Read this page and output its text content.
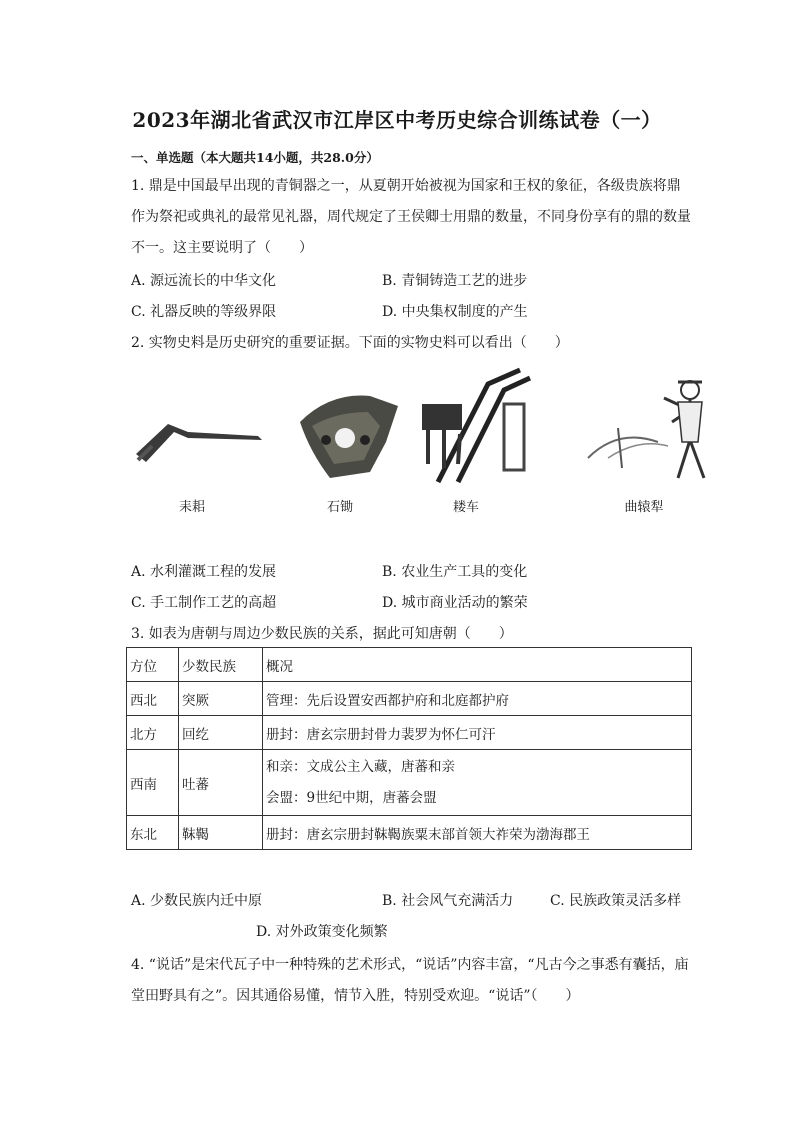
2023年湖北省武汉市江岸区中考历史综合训练试卷（一）
一、单选题（本大题共14小题，共28.0分）
1. 鼎是中国最早出现的青铜器之一，从夏朝开始被视为国家和王权的象征，各级贵族将鼎作为祭祀或典礼的最常见礼器，周代规定了王侯卿士用鼎的数量，不同身份享有的鼎的数量不一。这主要说明了（　　）
A. 源远流长的中华文化	B. 青铜铸造工艺的进步
C. 礼器反映的等级界限	D. 中央集权制度的产生
2. 实物史料是历史研究的重要证据。下面的实物史料可以看出（　　）
耒耜	石锄	耧车	曲辕犁
A. 水利灌溉工程的发展	B. 农业生产工具的变化
C. 手工制作工艺的高超	D. 城市商业活动的繁荣
3. 如表为唐朝与周边少数民族的关系，据此可知唐朝（　　）
方位	少数民族	概况
西北	突厥	管理：先后设置安西都护府和北庭都护府
北方	回纥	册封：唐玄宗册封骨力裴罗为怀仁可汗
西南	吐蕃	和亲：文成公主入藏，唐蕃和亲
会盟：9世纪中期，唐蕃会盟

东北	靺鞨	册封：唐玄宗册封靺鞨族粟末部首领大祚荣为渤海郡王
A. 少数民族内迁中原	B. 社会风气充满活力	C. 民族政策灵活多样
D. 对外政策变化频繁
4. “说话”是宋代瓦子中一种特殊的艺术形式，“说话”内容丰富，“凡古今之事悉有囊括，庙堂田野具有之”。因其通俗易懂，情节入胜，特别受欢迎。“说话”（　　）
